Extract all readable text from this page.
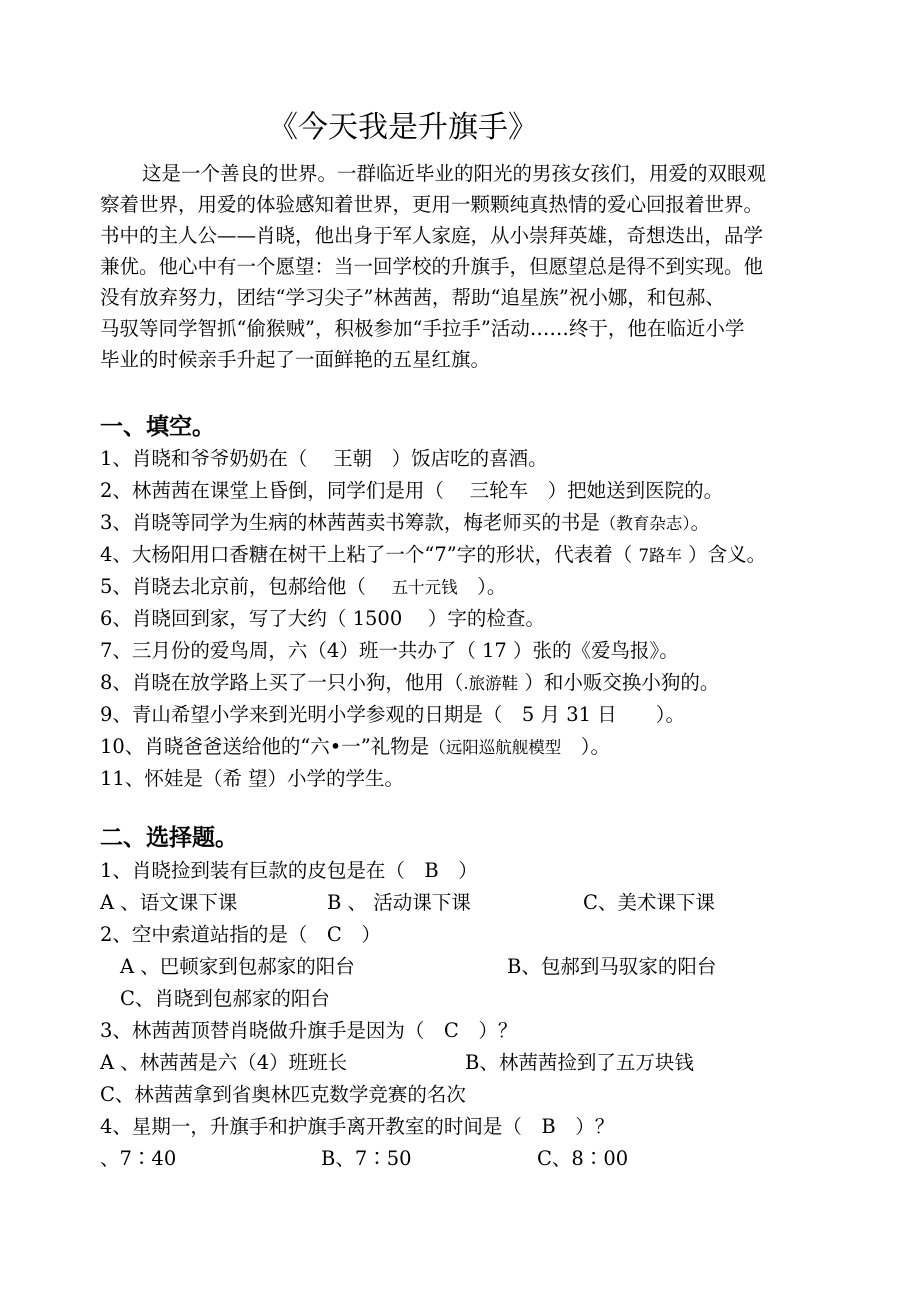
《今天我是升旗手》

这是一个善良的世界。一群临近毕业的阳光的男孩女孩们，用爱的双眼观

察着世界，用爱的体验感知着世界，更用一颗颗纯真热情的爱心回报着世界。

书中的主人公——肖晓，他出身于军人家庭，从小崇拜英雄，奇想迭出，品学

兼优。他心中有一个愿望：当一回学校的升旗手，但愿望总是得不到实现。他

没有放弃努力，团结“学习尖子”林茜茜，帮助“追星族”祝小娜，和包郝、

马驭等同学智抓“偷猴贼”，积极参加“手拉手”活动……终于，他在临近小学

毕业的时候亲手升起了一面鲜艳的五星红旗。

一、填空。
1、肖晓和爷爷奶奶在（　 王朝　）饭店吃的喜酒。
2、林茜茜在课堂上昏倒，同学们是用（　 三轮车　）把她送到医院的。
3、肖晓等同学为生病的林茜茜卖书筹款，梅老师买的书是（教育杂志）。
4、大杨阳用口香糖在树干上粘了一个“7”字的形状，代表着（ 7路车 ）含义。
5、肖晓去北京前，包郝给他（　 五十元钱　）。
6、肖晓回到家，写了大约（ 1500　 ）字的检查。
7、三月份的爱鸟周，六（4）班一共办了（ 17 ）张的《爱鸟报》。
8、肖晓在放学路上买了一只小狗，他用（.旅游鞋 ）和小贩交换小狗的。
9、青山希望小学来到光明小学参观的日期是（　5 月 31 日　　）。
10、肖晓爸爸送给他的“六•一”礼物是（远阳巡航舰模型　）。
11、怀娃是（希 望）小学的学生。
二、选择题。
1、肖晓捡到装有巨款的皮包是在（　B　）
A 、语文课下课	B 、 活动课下课	C、美术课下课
2、空中索道站指的是（　C　）
A 、巴顿家到包郝家的阳台	B、包郝到马驭家的阳台
C、肖晓到包郝家的阳台
3、林茜茜顶替肖晓做升旗手是因为（　C　）？
A 、林茜茜是六（4）班班长	B、林茜茜捡到了五万块钱
C、林茜茜拿到省奥林匹克数学竞赛的名次
4、星期一，升旗手和护旗手离开教室的时间是（　B　）？
、7∶40	B、7∶50	C、8∶00
